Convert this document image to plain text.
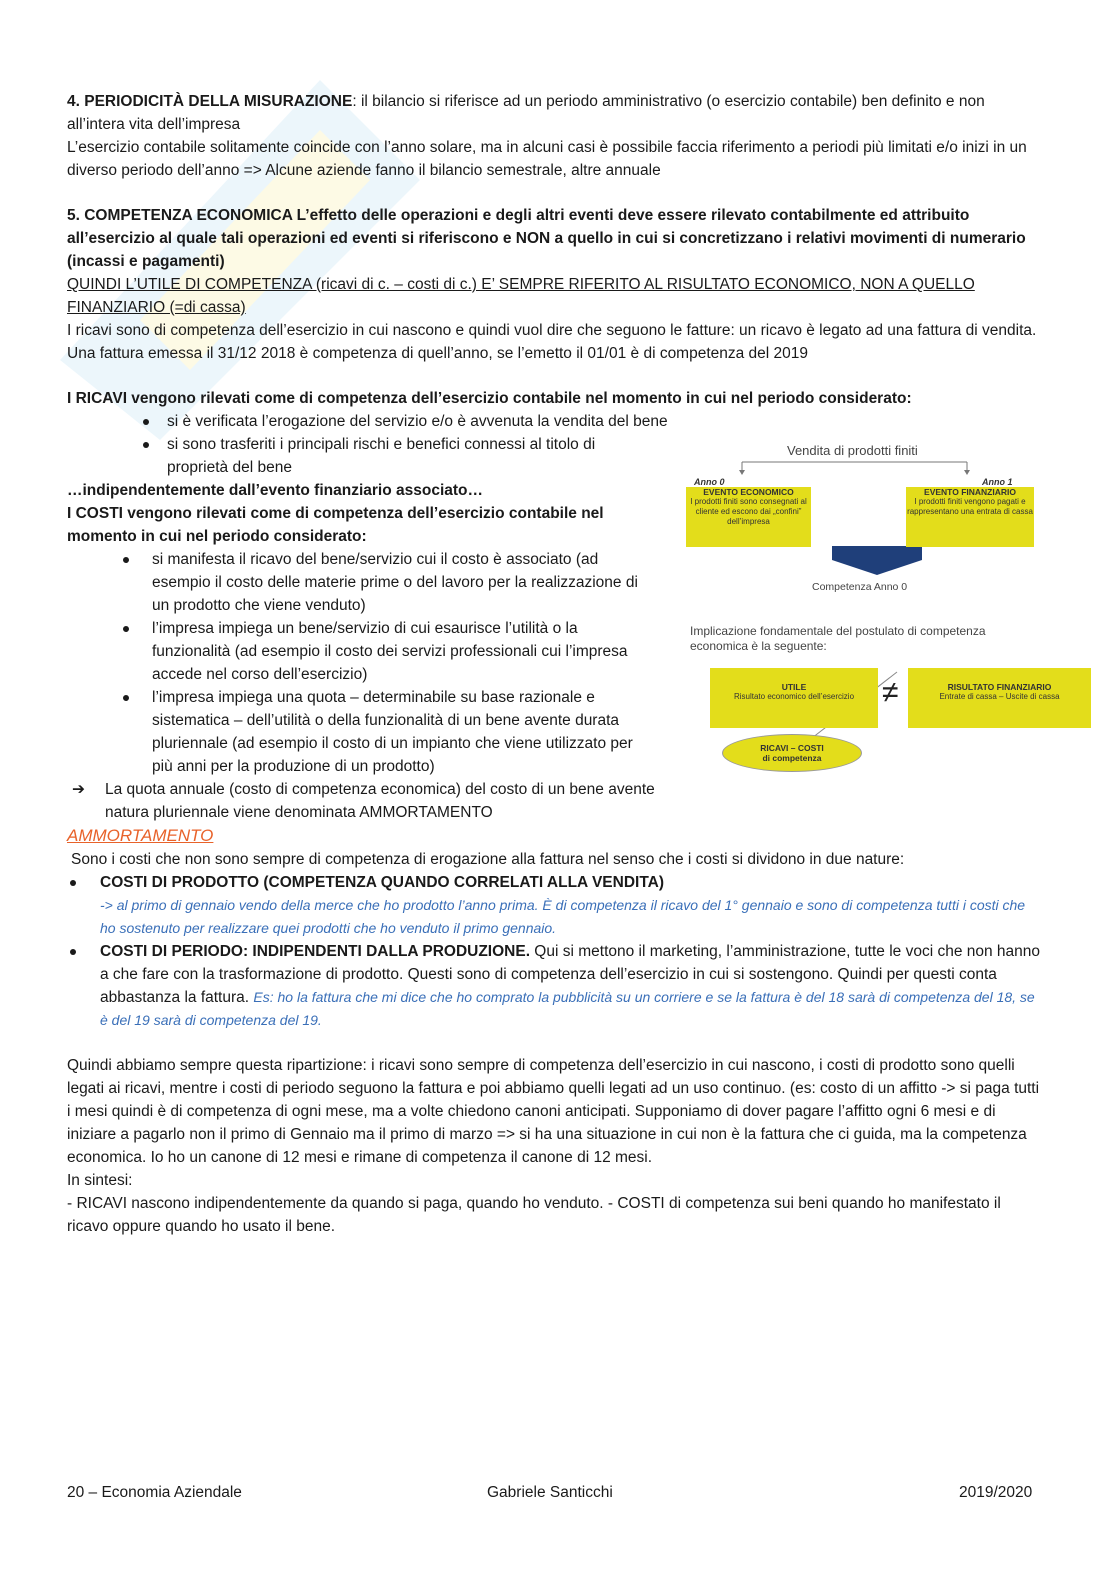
4. PERIODICITÀ DELLA MISURAZIONE: il bilancio si riferisce ad un periodo amministrativo (o esercizio contabile) ben definito e non all’intera vita dell’impresa

L’esercizio contabile solitamente coincide con l’anno solare, ma in alcuni casi è possibile faccia riferimento a periodi più limitati e/o inizi in un diverso periodo dell’anno => Alcune aziende fanno il bilancio semestrale, altre annuale

5. COMPETENZA ECONOMICA L’effetto delle operazioni e degli altri eventi deve essere rilevato contabilmente ed attribuito all’esercizio al quale tali operazioni ed eventi si riferiscono e NON a quello in cui si concretizzano i relativi movimenti di numerario (incassi e pagamenti)

QUINDI L’UTILE DI COMPETENZA (ricavi di c. – costi di c.) E’ SEMPRE RIFERITO AL RISULTATO ECONOMICO, NON A QUELLO FINANZIARIO (=di cassa)

I ricavi sono di competenza dell’esercizio in cui nascono e quindi vuol dire che seguono le fatture: un ricavo è legato ad una fattura di vendita. Una fattura emessa il 31/12 2018 è competenza di quell’anno, se l’emetto il 01/01 è di competenza del 2019

I RICAVI vengono rilevati come di competenza dell’esercizio contabile nel momento in cui nel periodo considerato:

si è verificata l’erogazione del servizio e/o è avvenuta la vendita del bene
si sono trasferiti i principali rischi e benefici connessi al titolo di proprietà del bene

…indipendentemente dall’evento finanziario associato…

I COSTI vengono rilevati come di competenza dell’esercizio contabile nel momento in cui nel periodo considerato:

si manifesta il ricavo del bene/servizio cui il costo è associato (ad esempio il costo delle materie prime o del lavoro per la realizzazione di un prodotto che viene venduto)
l’impresa impiega un bene/servizio di cui esaurisce l’utilità o la funzionalità (ad esempio il costo dei servizi professionali cui l’impresa accede nel corso dell’esercizio)
l’impresa impiega una quota – determinabile su base razionale e sistematica – dell’utilità o della funzionalità di un bene avente durata pluriennale (ad esempio il costo di un impianto che viene utilizzato per più anni per la produzione di un prodotto)
➔ La quota annuale (costo di competenza economica) del costo di un bene avente natura pluriennale viene denominata AMMORTAMENTO

AMMORTAMENTO

Sono i costi che non sono sempre di competenza di erogazione alla fattura nel senso che i costi si dividono in due nature:

COSTI DI PRODOTTO (COMPETENZA QUANDO CORRELATI ALLA VENDITA)
-> al primo di gennaio vendo della merce che ho prodotto l’anno prima. È di competenza il ricavo del 1° gennaio e sono di competenza tutti i costi che ho sostenuto per realizzare quei prodotti che ho venduto il primo gennaio.
COSTI DI PERIODO: INDIPENDENTI DALLA PRODUZIONE. Qui si mettono il marketing, l’amministrazione, tutte le voci che non hanno a che fare con la trasformazione di prodotto. Questi sono di competenza dell’esercizio in cui si sostengono. Quindi per questi conta abbastanza la fattura. Es: ho la fattura che mi dice che ho comprato la pubblicità su un corriere e se la fattura è del 18 sarà di competenza del 18, se è del 19 sarà di competenza del 19.

Quindi abbiamo sempre questa ripartizione: i ricavi sono sempre di competenza dell’esercizio in cui nascono, i costi di prodotto sono quelli legati ai ricavi, mentre i costi di periodo seguono la fattura e poi abbiamo quelli legati ad un uso continuo. (es: costo di un affitto -> si paga tutti i mesi quindi è di competenza di ogni mese, ma a volte chiedono canoni anticipati. Supponiamo di dover pagare l’affitto ogni 6 mesi e di iniziare a pagarlo non il primo di Gennaio ma il primo di marzo => si ha una situazione in cui non è la fattura che ci guida, ma la competenza economica. Io ho un canone di 12 mesi e rimane di competenza il canone di 12 mesi.

In sintesi:

- RICAVI nascono indipendentemente da quando si paga, quando ho venduto. - COSTI di competenza sui beni quando ho manifestato il ricavo oppure quando ho usato il bene.

Vendita di prodotti finiti
Anno 0	Anno 1
EVENTO ECONOMICO
I prodotti finiti sono consegnati al cliente ed escono dai „confini” dell’impresa
EVENTO FINANZIARIO
I prodotti finiti vengono pagati e rappresentano una entrata di cassa
Competenza Anno 0
Implicazione fondamentale del postulato di competenza economica è la seguente:
UTILE
Risultato economico dell’esercizio ≠	RISULTATO FINANZIARIO
Entrate di cassa – Uscite di cassa
RICAVI – COSTI
di competenza
20 – Economia Aziendale	Gabriele Santicchi	2019/2020
